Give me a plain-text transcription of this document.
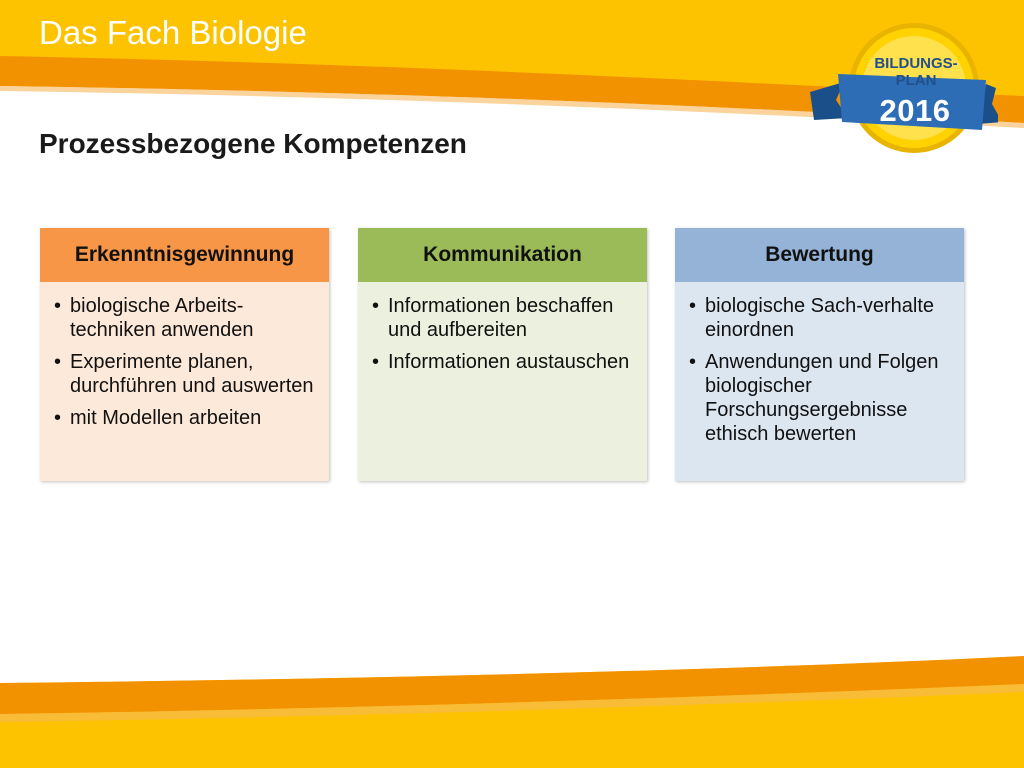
Das Fach Biologie
Prozessbezogene Kompetenzen
BILDUNGS-
PLAN
2016
Erkenntnisgewinnung
• biologische Arbeits-techniken anwenden
• Experimente planen, durchführen und auswerten
• mit Modellen arbeiten
Kommunikation
• Informationen beschaffen und aufbereiten
• Informationen austauschen
Bewertung
• biologische Sach-verhalte einordnen
• Anwendungen und Folgen biologischer Forschungsergebnisse ethisch bewerten
